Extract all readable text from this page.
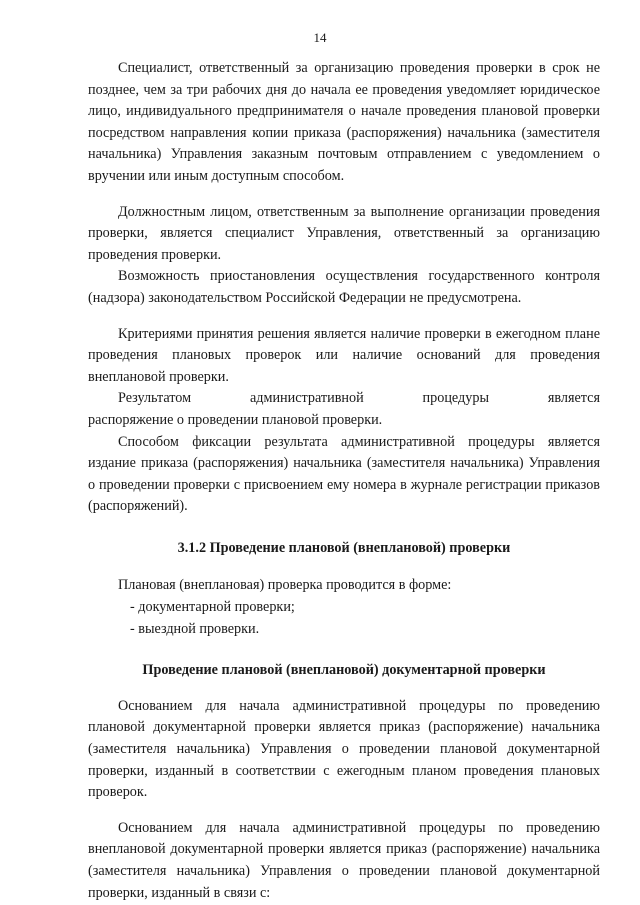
14

Специалист, ответственный за организацию проведения проверки в срок не позднее, чем за три рабочих дня до начала ее проведения уведомляет юридическое лицо, индивидуального предпринимателя о начале проведения плановой проверки посредством направления копии приказа (распоряжения) начальника (заместителя начальника) Управления заказным почтовым отправлением с уведомлением о вручении или иным доступным способом.

Должностным лицом, ответственным за выполнение организации проведения проверки, является специалист Управления, ответственный за организацию проведения проверки.

Возможность приостановления осуществления государственного контроля (надзора) законодательством Российской Федерации не предусмотрена.

Критериями принятия решения является наличие проверки в ежегодном плане проведения плановых проверок или наличие оснований для проведения внеплановой проверки.

Результатом административной процедуры является

распоряжение о проведении плановой проверки.

Способом фиксации результата административной процедуры является издание приказа (распоряжения) начальника (заместителя начальника) Управления о проведении проверки с присвоением ему номера в журнале регистрации приказов (распоряжений).

3.1.2 Проведение плановой (внеплановой) проверки

Плановая (внеплановая) проверка проводится в форме:

- документарной проверки;

- выездной проверки.

Проведение плановой (внеплановой) документарной проверки

Основанием для начала административной процедуры по проведению плановой документарной проверки является приказ (распоряжение) начальника (заместителя начальника) Управления о проведении плановой документарной проверки, изданный в соответствии с ежегодным планом проведения плановых проверок.

Основанием для начала административной процедуры по проведению внеплановой документарной проверки является приказ (распоряжение) начальника (заместителя начальника) Управления о проведении плановой документарной проверки, изданный в связи с:
